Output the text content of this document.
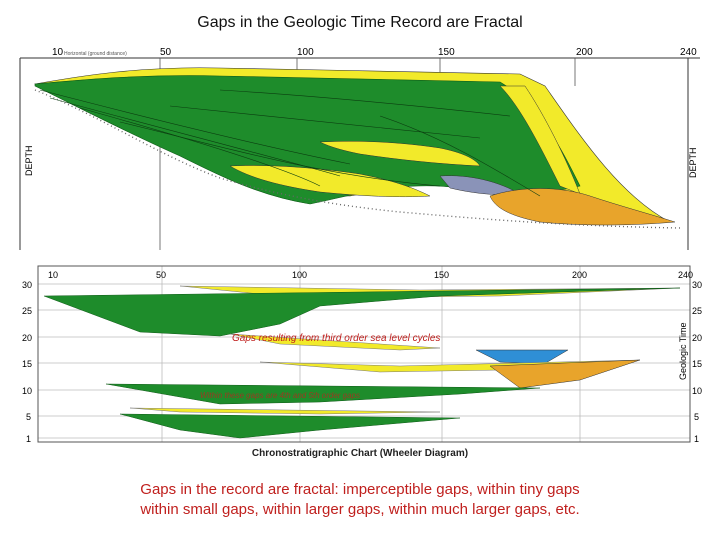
Gaps in the Geologic Time Record are Fractal
10 Horizontal (ground distance)	50	100	150	200	240
DEPTH	DEPTH
10	50	100	150	200	240
30
25
20
15
10
5
1
30
25
20
15
10
5
1
Geologic Time
Gaps resulting from third order sea level cycles
Within these gaps are 4th and 5th order gaps
Chronostratigraphic Chart (Wheeler Diagram)
Gaps in the record are fractal: imperceptible gaps, within tiny gaps
within small gaps, within larger gaps, within much larger gaps, etc.
